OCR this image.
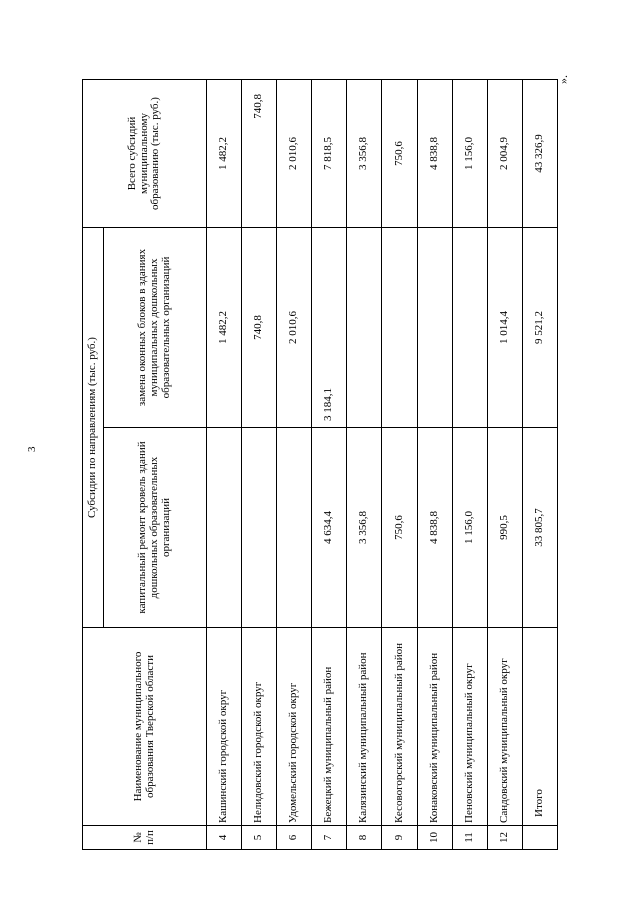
3
».
№
п/п	Наименование муниципального образования Тверской области	Субсидии по направлениям (тыс. руб.)		Всего субсидий муниципальному образованию (тыс. руб.)
		капитальный ремонт кровель зданий дошкольных образовательных организаций	замена оконных блоков в зданиях муниципальных дошкольных образовательных организаций	
4	Кашинский городской округ		1 482,2	1 482,2
5	Нелидовский городской округ		740,8	740,8
6	Удомельский городской округ		2 010,6	2 010,6
7	Бежецкий муниципальный район	4 634,4	3 184,1	7 818,5
8	Калязинский муниципальный район	3 356,8		3 356,8
9	Кесовогорский муниципальный район	750,6		750,6
10	Конаковский муниципальный район	4 838,8		4 838,8
11	Пеновский муниципальный округ	1 156,0		1 156,0
12	Сандовский муниципальный округ	990,5	1 014,4	2 004,9
	Итого	33 805,7	9 521,2	43 326,9
